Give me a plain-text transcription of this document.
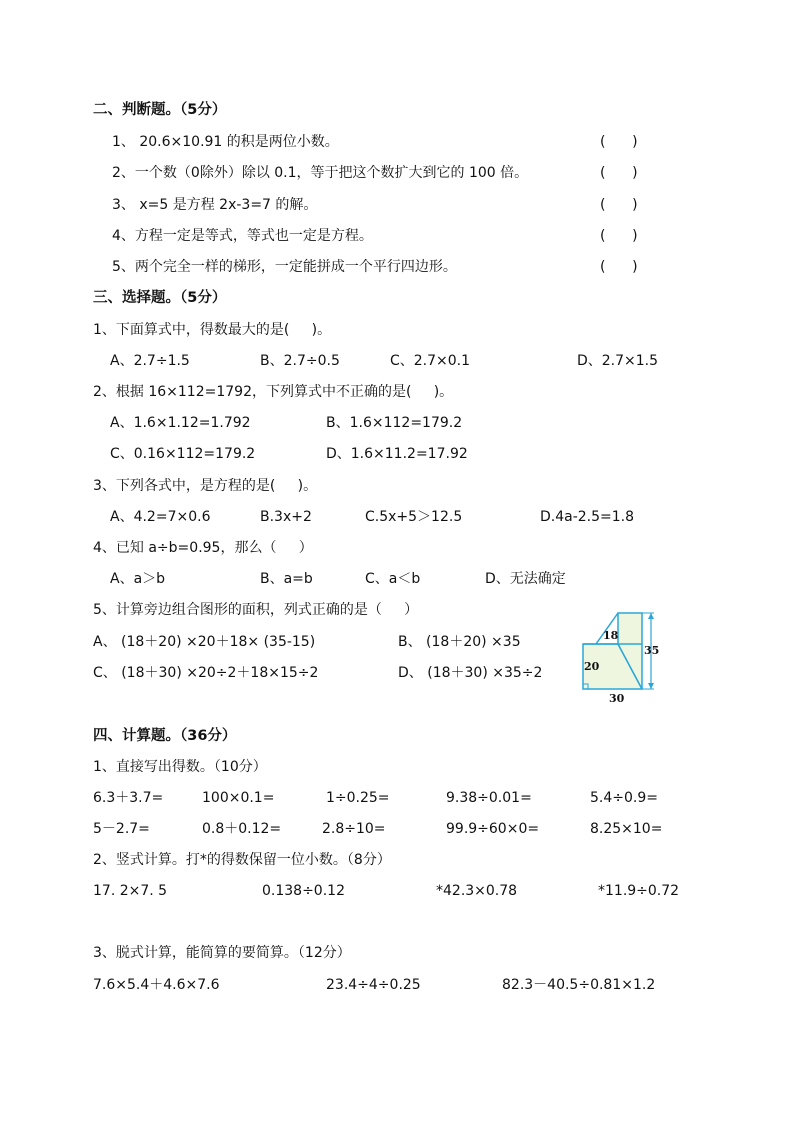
二、判断题。（5分）
1、 20.6×10.91 的积是两位小数。	(      )
2、一个数（0除外）除以 0.1，等于把这个数扩大到它的 100 倍。	(      )
3、 x=5 是方程 2x-3=7 的解。	(      )
4、方程一定是等式，等式也一定是方程。	(      )
5、两个完全一样的梯形，一定能拼成一个平行四边形。	(      )
三、选择题。（5分）
1、下面算式中，得数最大的是(     )。
A、2.7÷1.5	B、2.7÷0.5	C、2.7×0.1	D、2.7×1.5
2、根据 16×112=1792，下列算式中不正确的是(     )。
A、1.6×1.12=1.792	B、1.6×112=179.2
C、0.16×112=179.2	D、1.6×11.2=17.92
3、下列各式中，是方程的是(     )。
A、4.2=7×0.6	B.3x+2	C.5x+5＞12.5	D.4a-2.5=1.8
4、已知 a÷b=0.95，那么（     ）
A、a＞b	B、a=b	C、a＜b	D、无法确定
5、计算旁边组合图形的面积，列式正确的是（     ）
A、 (18＋20) ×20＋18× (35-15)	B、 (18＋20) ×35
C、 (18＋30) ×20÷2＋18×15÷2	D、 (18＋30) ×35÷2
18
20
35
30
四、计算题。（36分）
1、直接写出得数。（10分）
6.3＋3.7=	100×0.1=	1÷0.25=	9.38÷0.01=	5.4÷0.9=
5－2.7=	0.8＋0.12=	2.8÷10=	99.9÷60×0=	8.25×10=
2、竖式计算。打*的得数保留一位小数。（8分）
17. 2×7. 5	0.138÷0.12	*42.3×0.78	*11.9÷0.72
3、脱式计算，能简算的要简算。（12分）
7.6×5.4＋4.6×7.6	23.4÷4÷0.25	82.3－40.5÷0.81×1.2
